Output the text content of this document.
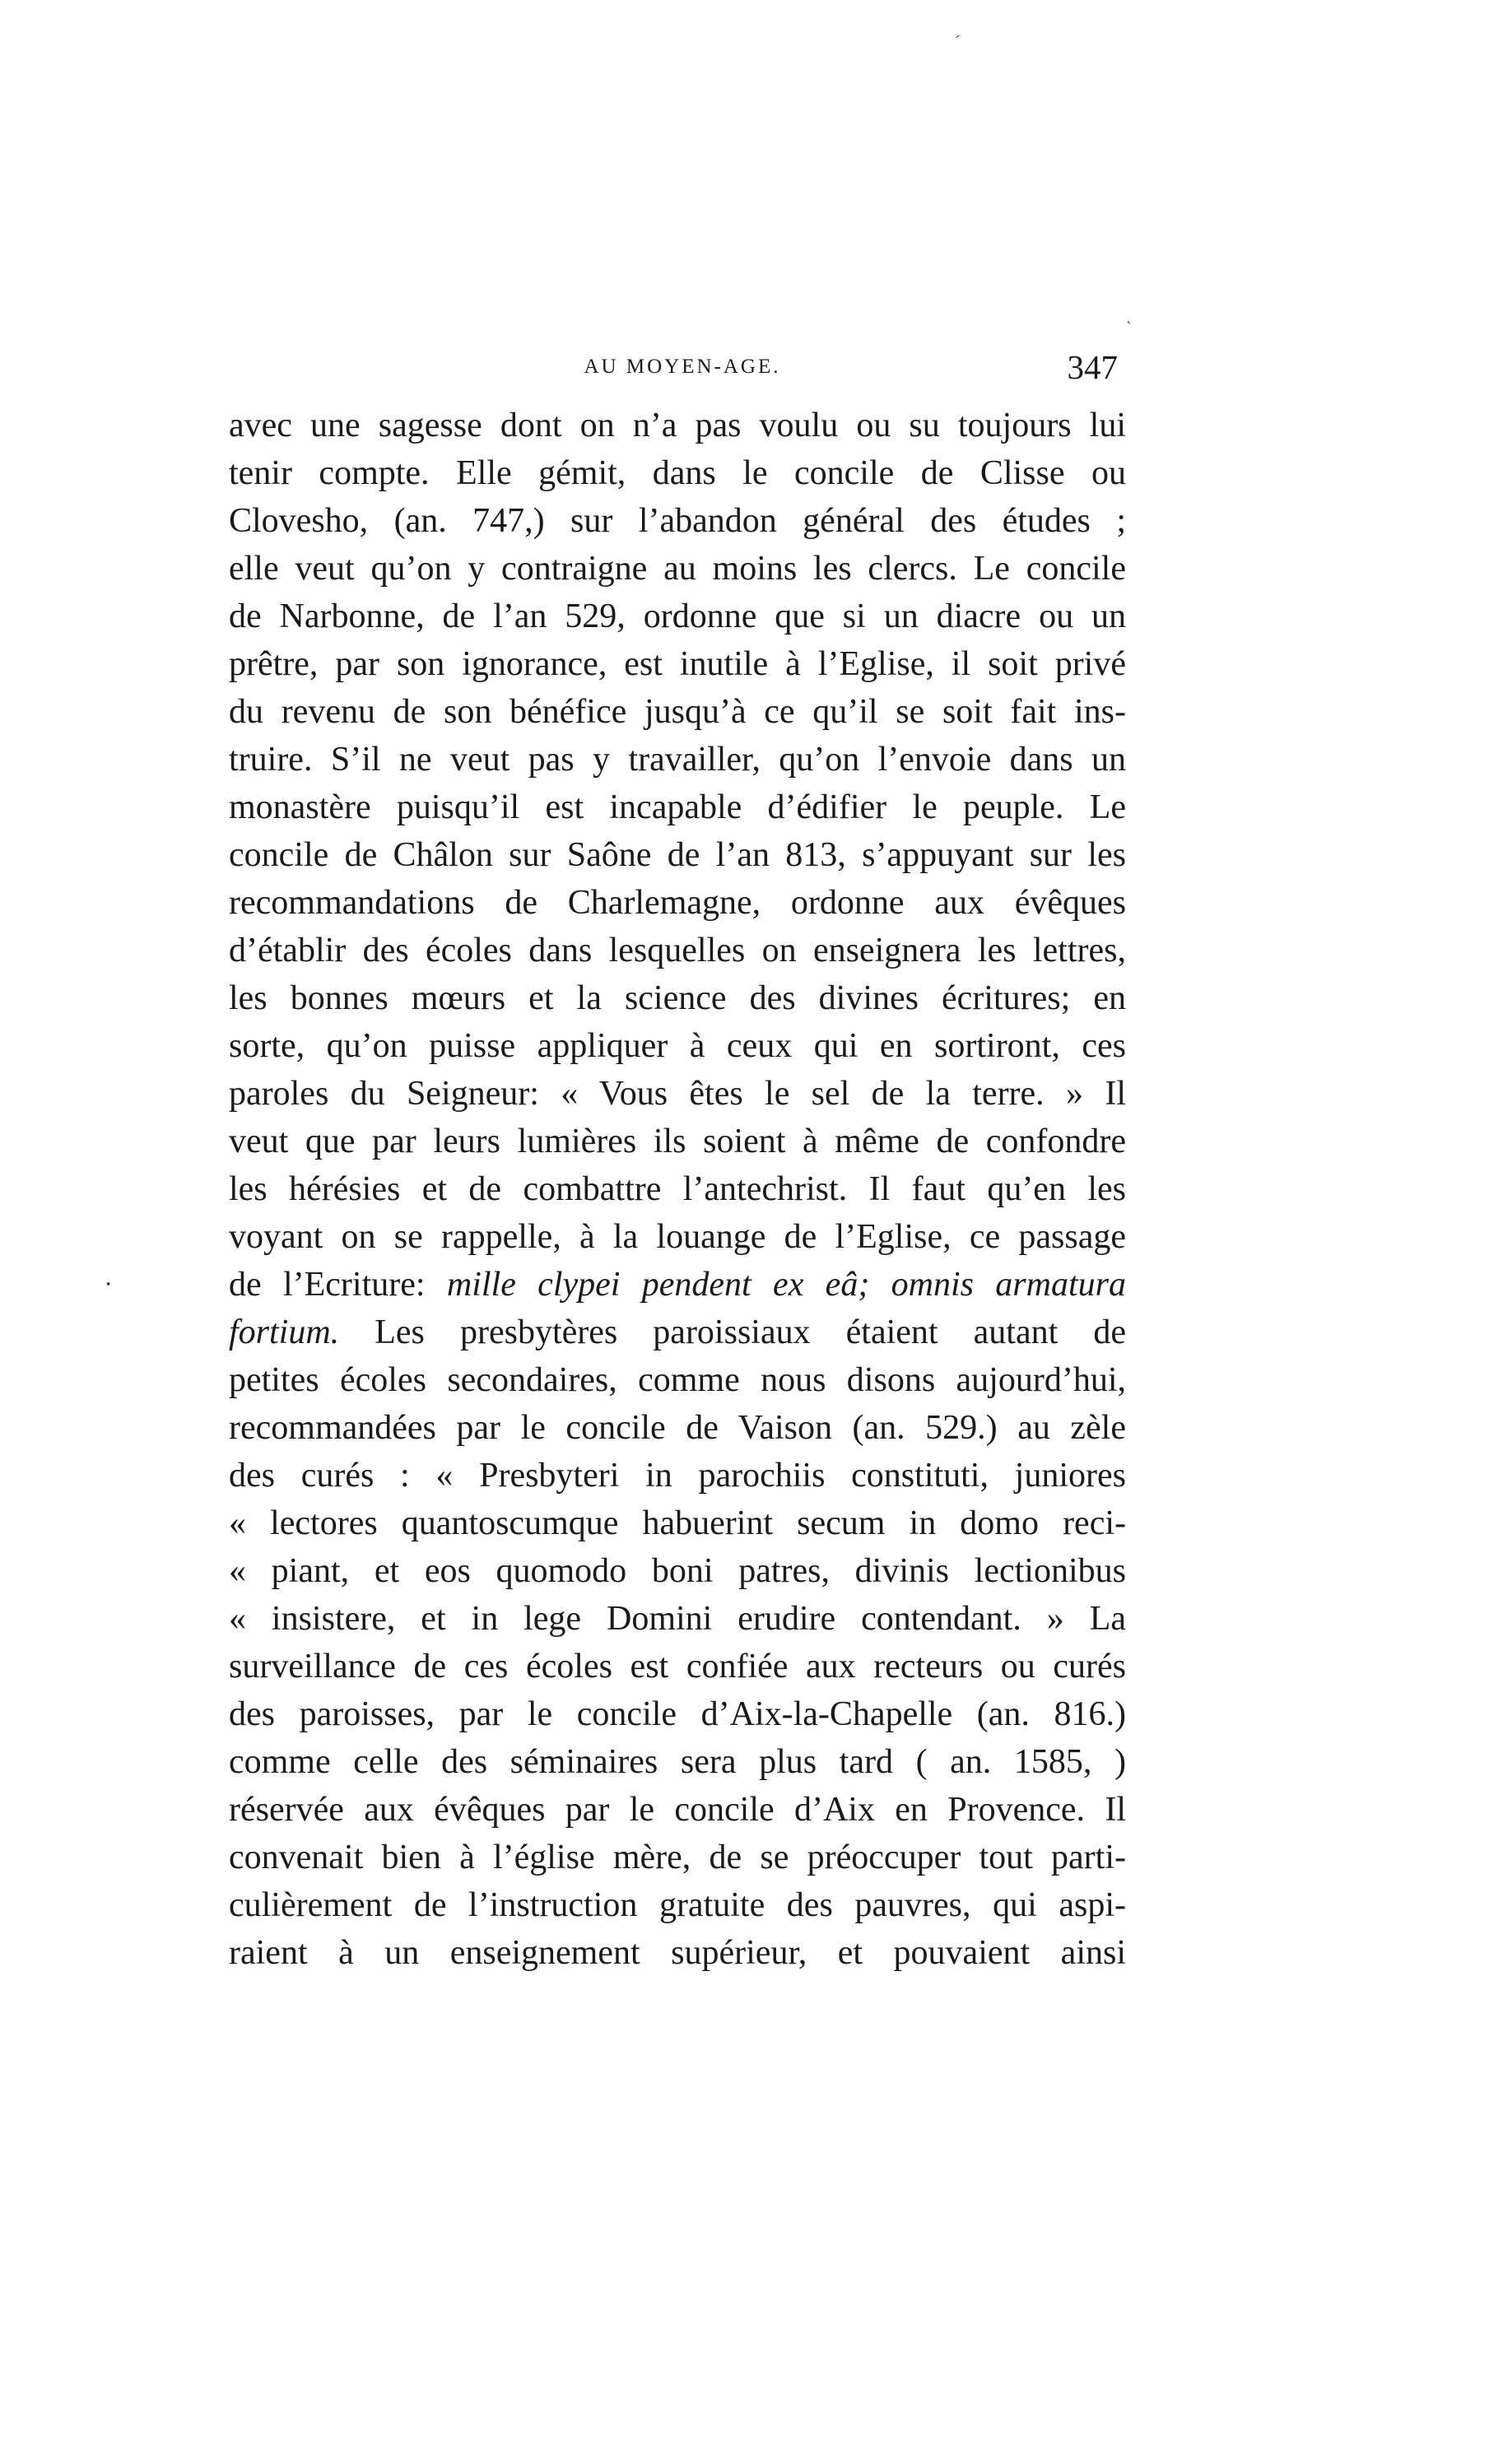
AU MOYEN-AGE.	347
avec une sagesse dont on n’a pas voulu ou su toujours lui
tenir compte. Elle gémit, dans le concile de Clisse ou
Clovesho, (an. 747,) sur l’abandon général des études ;
elle veut qu’on y contraigne au moins les clercs. Le concile
de Narbonne, de l’an 529, ordonne que si un diacre ou un
prêtre, par son ignorance, est inutile à l’Eglise, il soit privé
du revenu de son bénéfice jusqu’à ce qu’il se soit fait ins-
truire. S’il ne veut pas y travailler, qu’on l’envoie dans un
monastère puisqu’il est incapable d’édifier le peuple. Le
concile de Châlon sur Saône de l’an 813, s’appuyant sur les
recommandations de Charlemagne, ordonne aux évêques
d’établir des écoles dans lesquelles on enseignera les lettres,
les bonnes mœurs et la science des divines écritures; en
sorte, qu’on puisse appliquer à ceux qui en sortiront, ces
paroles du Seigneur: « Vous êtes le sel de la terre. » Il
veut que par leurs lumières ils soient à même de confondre
les hérésies et de combattre l’antechrist. Il faut qu’en les
voyant on se rappelle, à la louange de l’Eglise, ce passage
de l’Ecriture: mille clypei pendent ex eâ; omnis armatura
fortium. Les presbytères paroissiaux étaient autant de
petites écoles secondaires, comme nous disons aujourd’hui,
recommandées par le concile de Vaison (an. 529.) au zèle
des curés : « Presbyteri in parochiis constituti, juniores
« lectores quantoscumque habuerint secum in domo reci-
« piant, et eos quomodo boni patres, divinis lectionibus
« insistere, et in lege Domini erudire contendant. » La
surveillance de ces écoles est confiée aux recteurs ou curés
des paroisses, par le concile d’Aix-la-Chapelle (an. 816.)
comme celle des séminaires sera plus tard ( an. 1585, )
réservée aux évêques par le concile d’Aix en Provence. Il
convenait bien à l’église mère, de se préoccuper tout parti-
culièrement de l’instruction gratuite des pauvres, qui aspi-
raient à un enseignement supérieur, et pouvaient ainsi
´
ˏ
·
